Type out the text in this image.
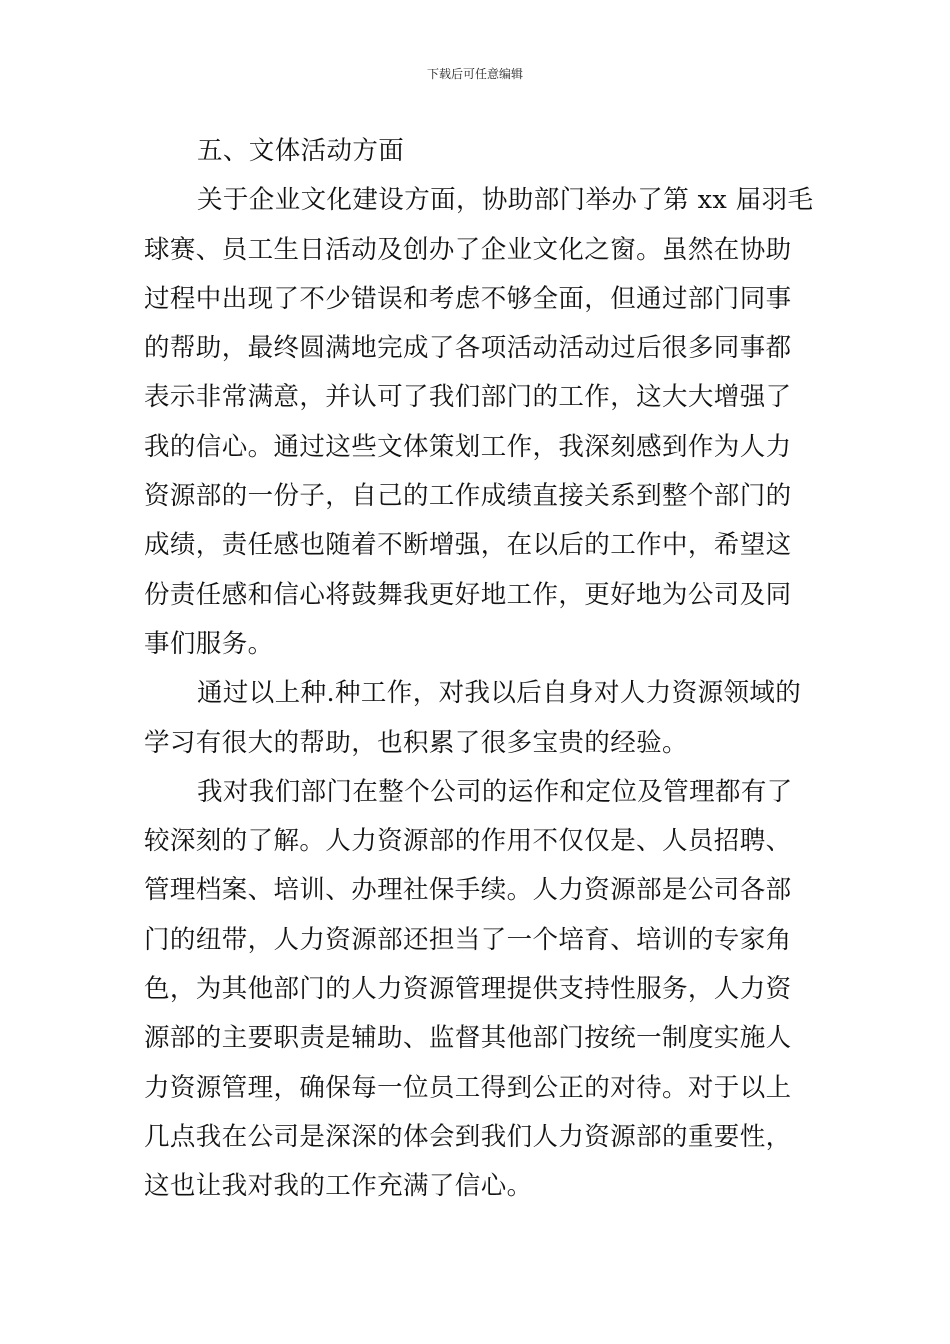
下载后可任意编辑
五、文体活动方面
关于企业文化建设方面，协助部门举办了第 xx 届羽毛
球赛、员工生日活动及创办了企业文化之窗。虽然在协助
过程中出现了不少错误和考虑不够全面，但通过部门同事
的帮助，最终圆满地完成了各项活动活动过后很多同事都
表示非常满意，并认可了我们部门的工作，这大大增强了
我的信心。通过这些文体策划工作，我深刻感到作为人力
资源部的一份子，自己的工作成绩直接关系到整个部门的
成绩，责任感也随着不断增强，在以后的工作中，希望这
份责任感和信心将鼓舞我更好地工作，更好地为公司及同
事们服务。
通过以上种.种工作，对我以后自身对人力资源领域的
学习有很大的帮助，也积累了很多宝贵的经验。
我对我们部门在整个公司的运作和定位及管理都有了
较深刻的了解。人力资源部的作用不仅仅是、人员招聘、
管理档案、培训、办理社保手续。人力资源部是公司各部
门的纽带，人力资源部还担当了一个培育、培训的专家角
色，为其他部门的人力资源管理提供支持性服务，人力资
源部的主要职责是辅助、监督其他部门按统一制度实施人
力资源管理，确保每一位员工得到公正的对待。对于以上
几点我在公司是深深的体会到我们人力资源部的重要性，
这也让我对我的工作充满了信心。
